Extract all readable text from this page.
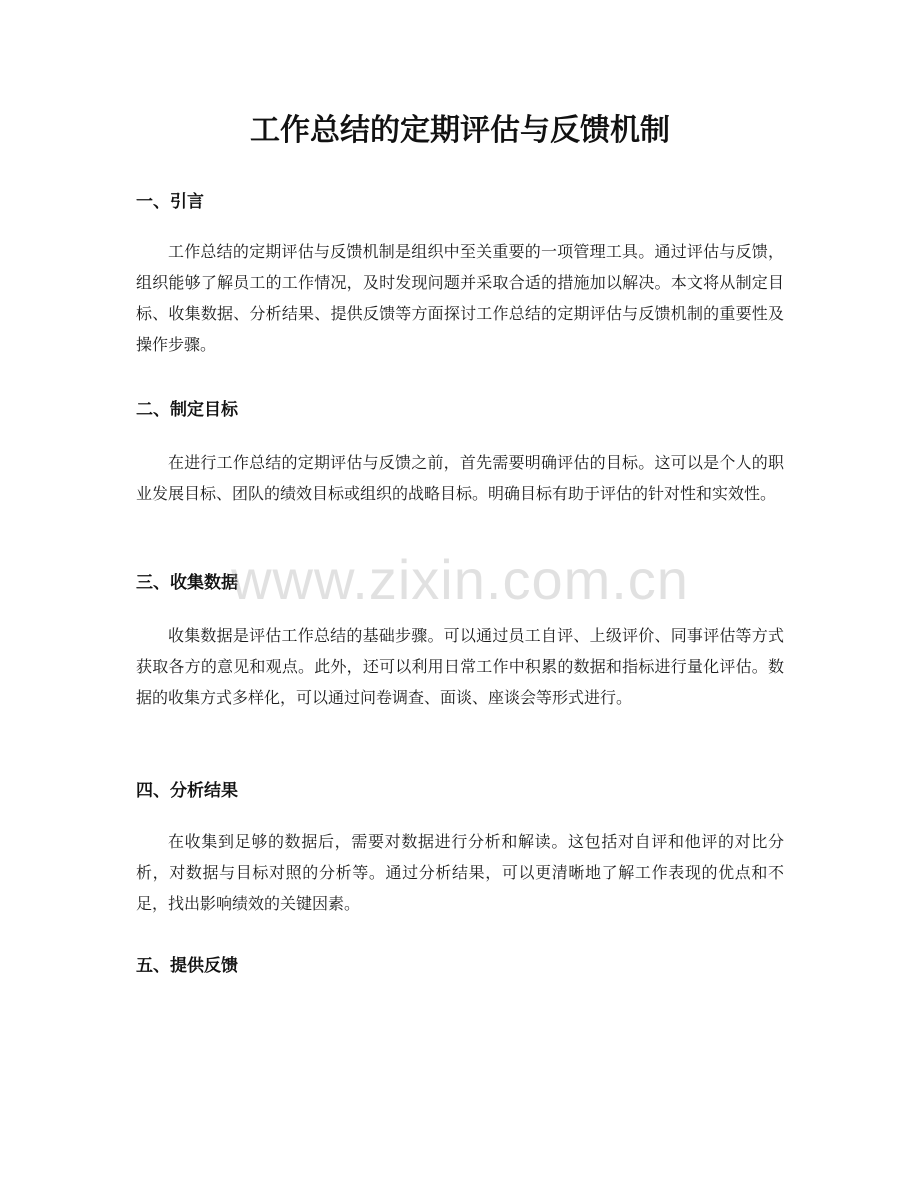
工作总结的定期评估与反馈机制
一、引言

工作总结的定期评估与反馈机制是组织中至关重要的一项管理工具。通过评估与反馈，组织能够了解员工的工作情况，及时发现问题并采取合适的措施加以解决。本文将从制定目标、收集数据、分析结果、提供反馈等方面探讨工作总结的定期评估与反馈机制的重要性及操作步骤。

二、制定目标

在进行工作总结的定期评估与反馈之前，首先需要明确评估的目标。这可以是个人的职业发展目标、团队的绩效目标或组织的战略目标。明确目标有助于评估的针对性和实效性。

三、收集数据

收集数据是评估工作总结的基础步骤。可以通过员工自评、上级评价、同事评估等方式获取各方的意见和观点。此外，还可以利用日常工作中积累的数据和指标进行量化评估。数据的收集方式多样化，可以通过问卷调查、面谈、座谈会等形式进行。

四、分析结果

在收集到足够的数据后，需要对数据进行分析和解读。这包括对自评和他评的对比分析，对数据与目标对照的分析等。通过分析结果，可以更清晰地了解工作表现的优点和不足，找出影响绩效的关键因素。

五、提供反馈
www.zixin.com.cn
